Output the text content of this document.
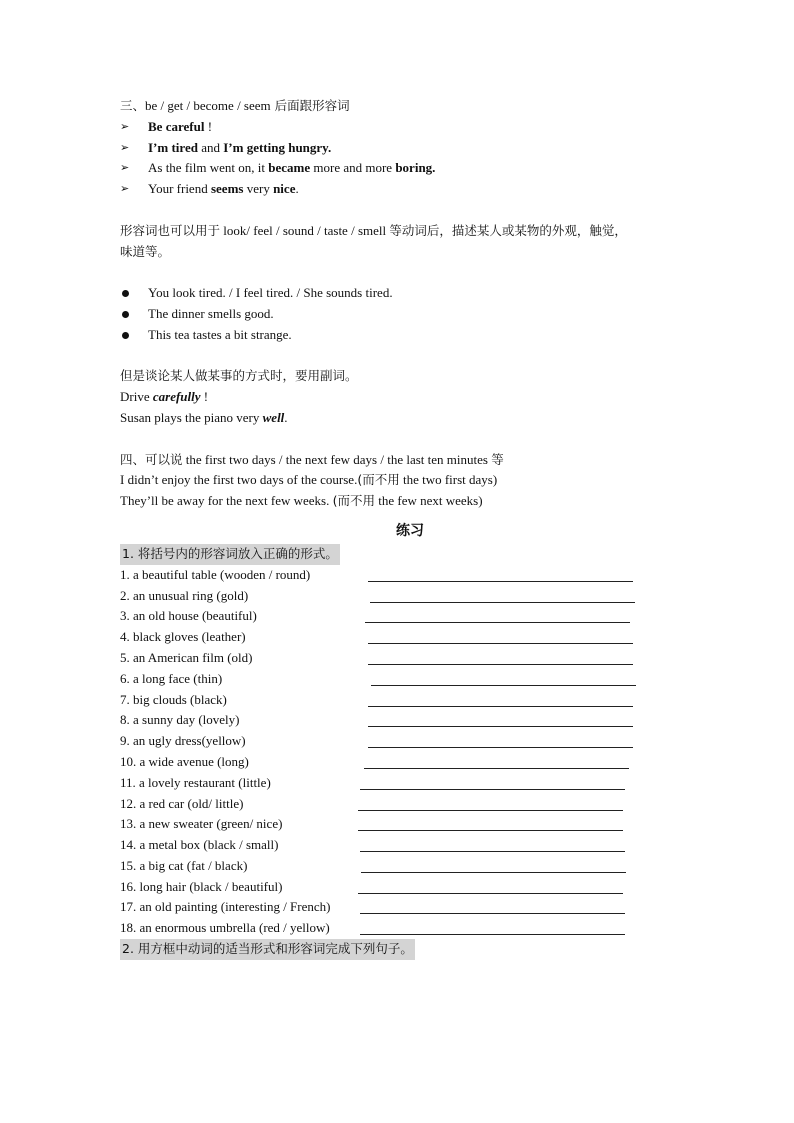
三、be / get / become / seem 后面跟形容词
➢ Be careful !
➢ I’m tired and I’m getting hungry.
➢ As the film went on, it became more and more boring.
➢ Your friend seems very nice.
形容词也可以用于 look/ feel / sound / taste / smell 等动词后，描述某人或某物的外观，触觉，
味道等。
You look tired. / I feel tired. / She sounds tired.
The dinner smells good.
This tea tastes a bit strange.
但是谈论某人做某事的方式时，要用副词。
Drive carefully !
Susan plays the piano very well.
四、可以说 the first two days / the next few days / the last ten minutes 等
I didn’t enjoy the first two days of the course.(而不用 the two first days)
They’ll be away for the next few weeks. (而不用 the few next weeks)
练习
1. 将括号内的形容词放入正确的形式。
1. a beautiful table (wooden / round)
2. an unusual ring (gold)
3. an old house (beautiful)
4. black gloves (leather)
5. an American film (old)
6. a long face (thin)
7. big clouds (black)
8. a sunny day (lovely)
9. an ugly dress(yellow)
10. a wide avenue (long)
11. a lovely restaurant (little)
12. a red car (old/ little)
13. a new sweater (green/ nice)
14. a metal box (black / small)
15. a big cat (fat / black)
16. long hair (black / beautiful)
17. an old painting (interesting / French)
18. an enormous umbrella (red / yellow)
2. 用方框中动词的适当形式和形容词完成下列句子。
